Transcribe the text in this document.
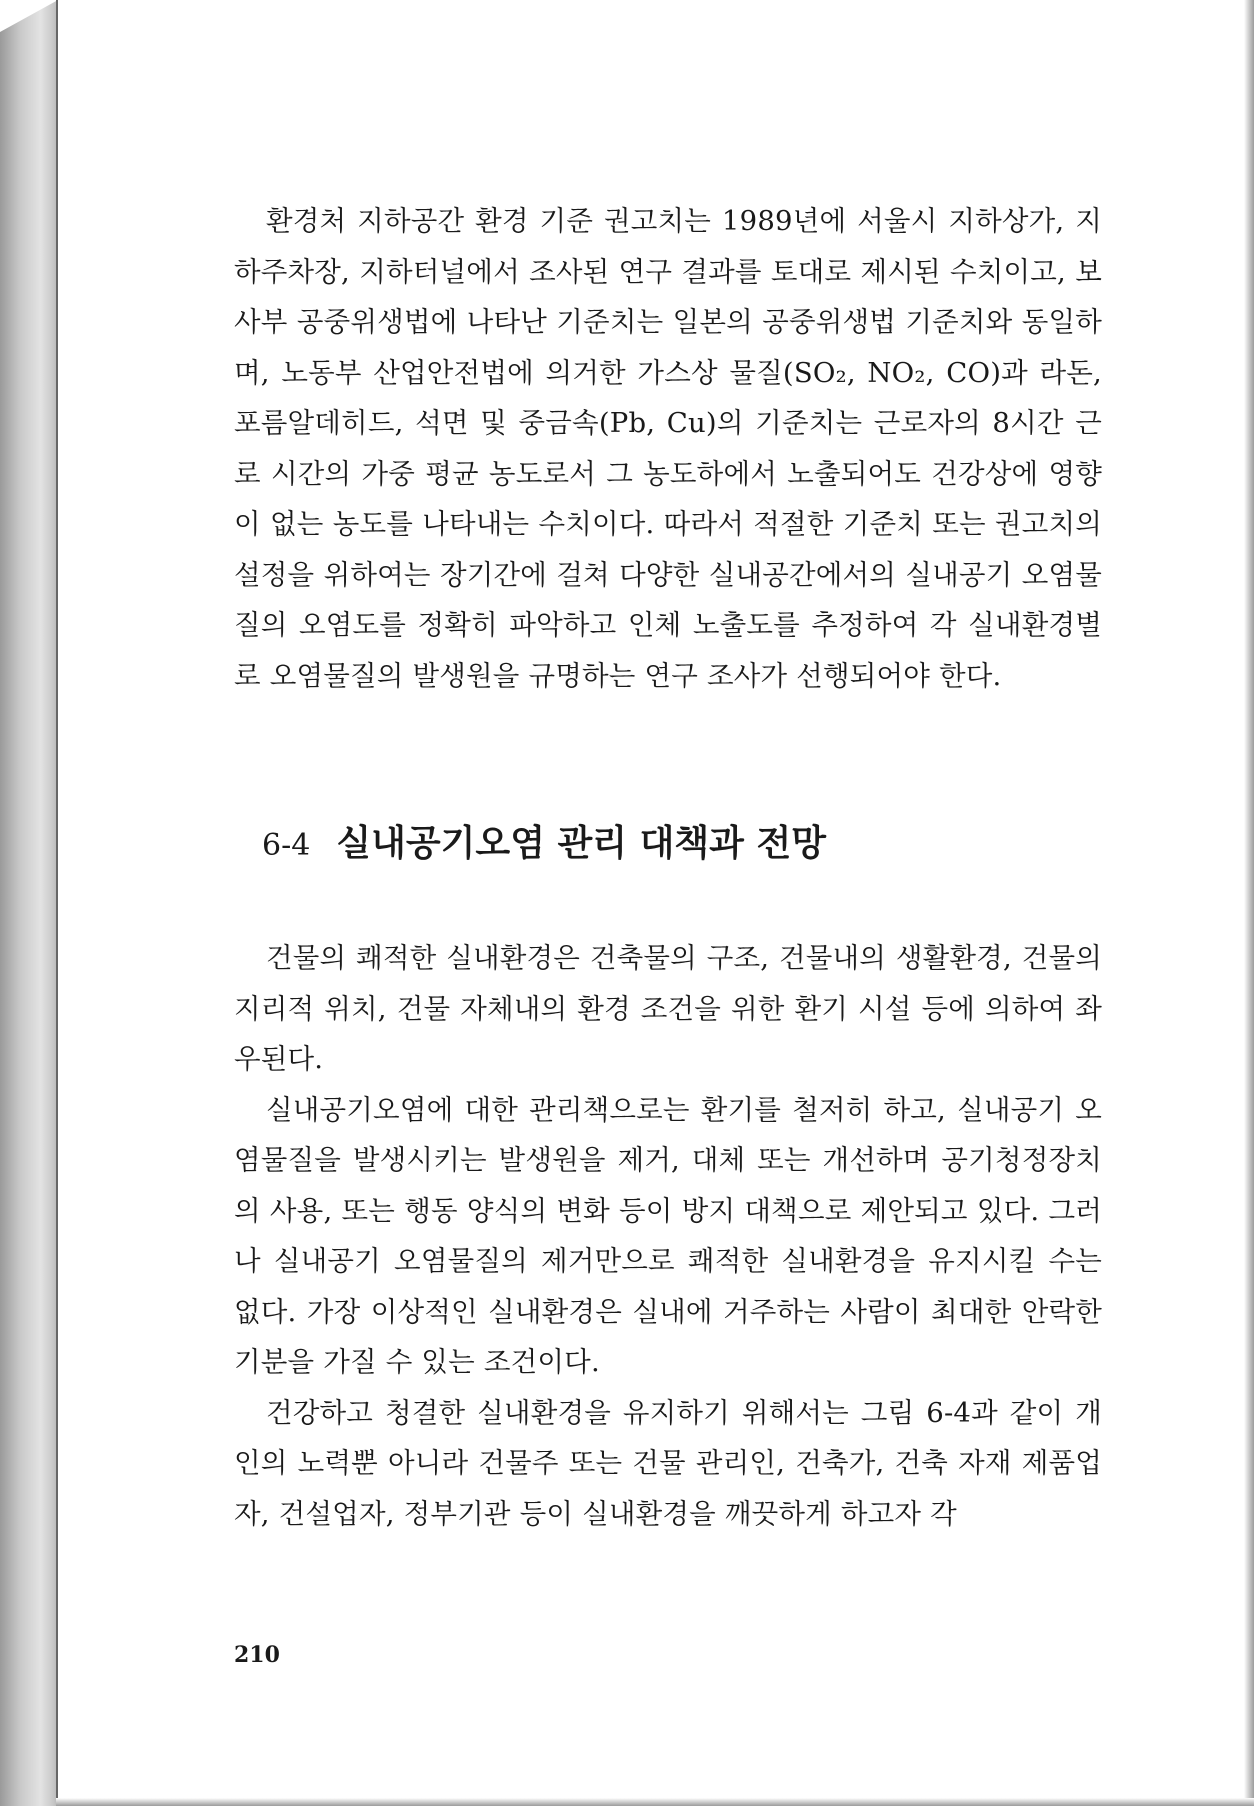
환경처 지하공간 환경 기준 권고치는 1989년에 서울시 지하상가, 지하주차장, 지하터널에서 조사된 연구 결과를 토대로 제시된 수치이고, 보사부 공중위생법에 나타난 기준치는 일본의 공중위생법 기준치와 동일하며, 노동부 산업안전법에 의거한 가스상 물질(SO₂, NO₂, CO)과 라돈, 포름알데히드, 석면 및 중금속(Pb, Cu)의 기준치는 근로자의 8시간 근로 시간의 가중 평균 농도로서 그 농도하에서 노출되어도 건강상에 영향이 없는 농도를 나타내는 수치이다. 따라서 적절한 기준치 또는 권고치의 설정을 위하여는 장기간에 걸쳐 다양한 실내공간에서의 실내공기 오염물질의 오염도를 정확히 파악하고 인체 노출도를 추정하여 각 실내환경별로 오염물질의 발생원을 규명하는 연구 조사가 선행되어야 한다.

6-4 실내공기오염 관리 대책과 전망

건물의 쾌적한 실내환경은 건축물의 구조, 건물내의 생활환경, 건물의 지리적 위치, 건물 자체내의 환경 조건을 위한 환기 시설 등에 의하여 좌우된다.

실내공기오염에 대한 관리책으로는 환기를 철저히 하고, 실내공기 오염물질을 발생시키는 발생원을 제거, 대체 또는 개선하며 공기청정장치의 사용, 또는 행동 양식의 변화 등이 방지 대책으로 제안되고 있다. 그러나 실내공기 오염물질의 제거만으로 쾌적한 실내환경을 유지시킬 수는 없다. 가장 이상적인 실내환경은 실내에 거주하는 사람이 최대한 안락한 기분을 가질 수 있는 조건이다.

건강하고 청결한 실내환경을 유지하기 위해서는 그림 6-4과 같이 개인의 노력뿐 아니라 건물주 또는 건물 관리인, 건축가, 건축 자재 제품업자, 건설업자, 정부기관 등이 실내환경을 깨끗하게 하고자 각

210
